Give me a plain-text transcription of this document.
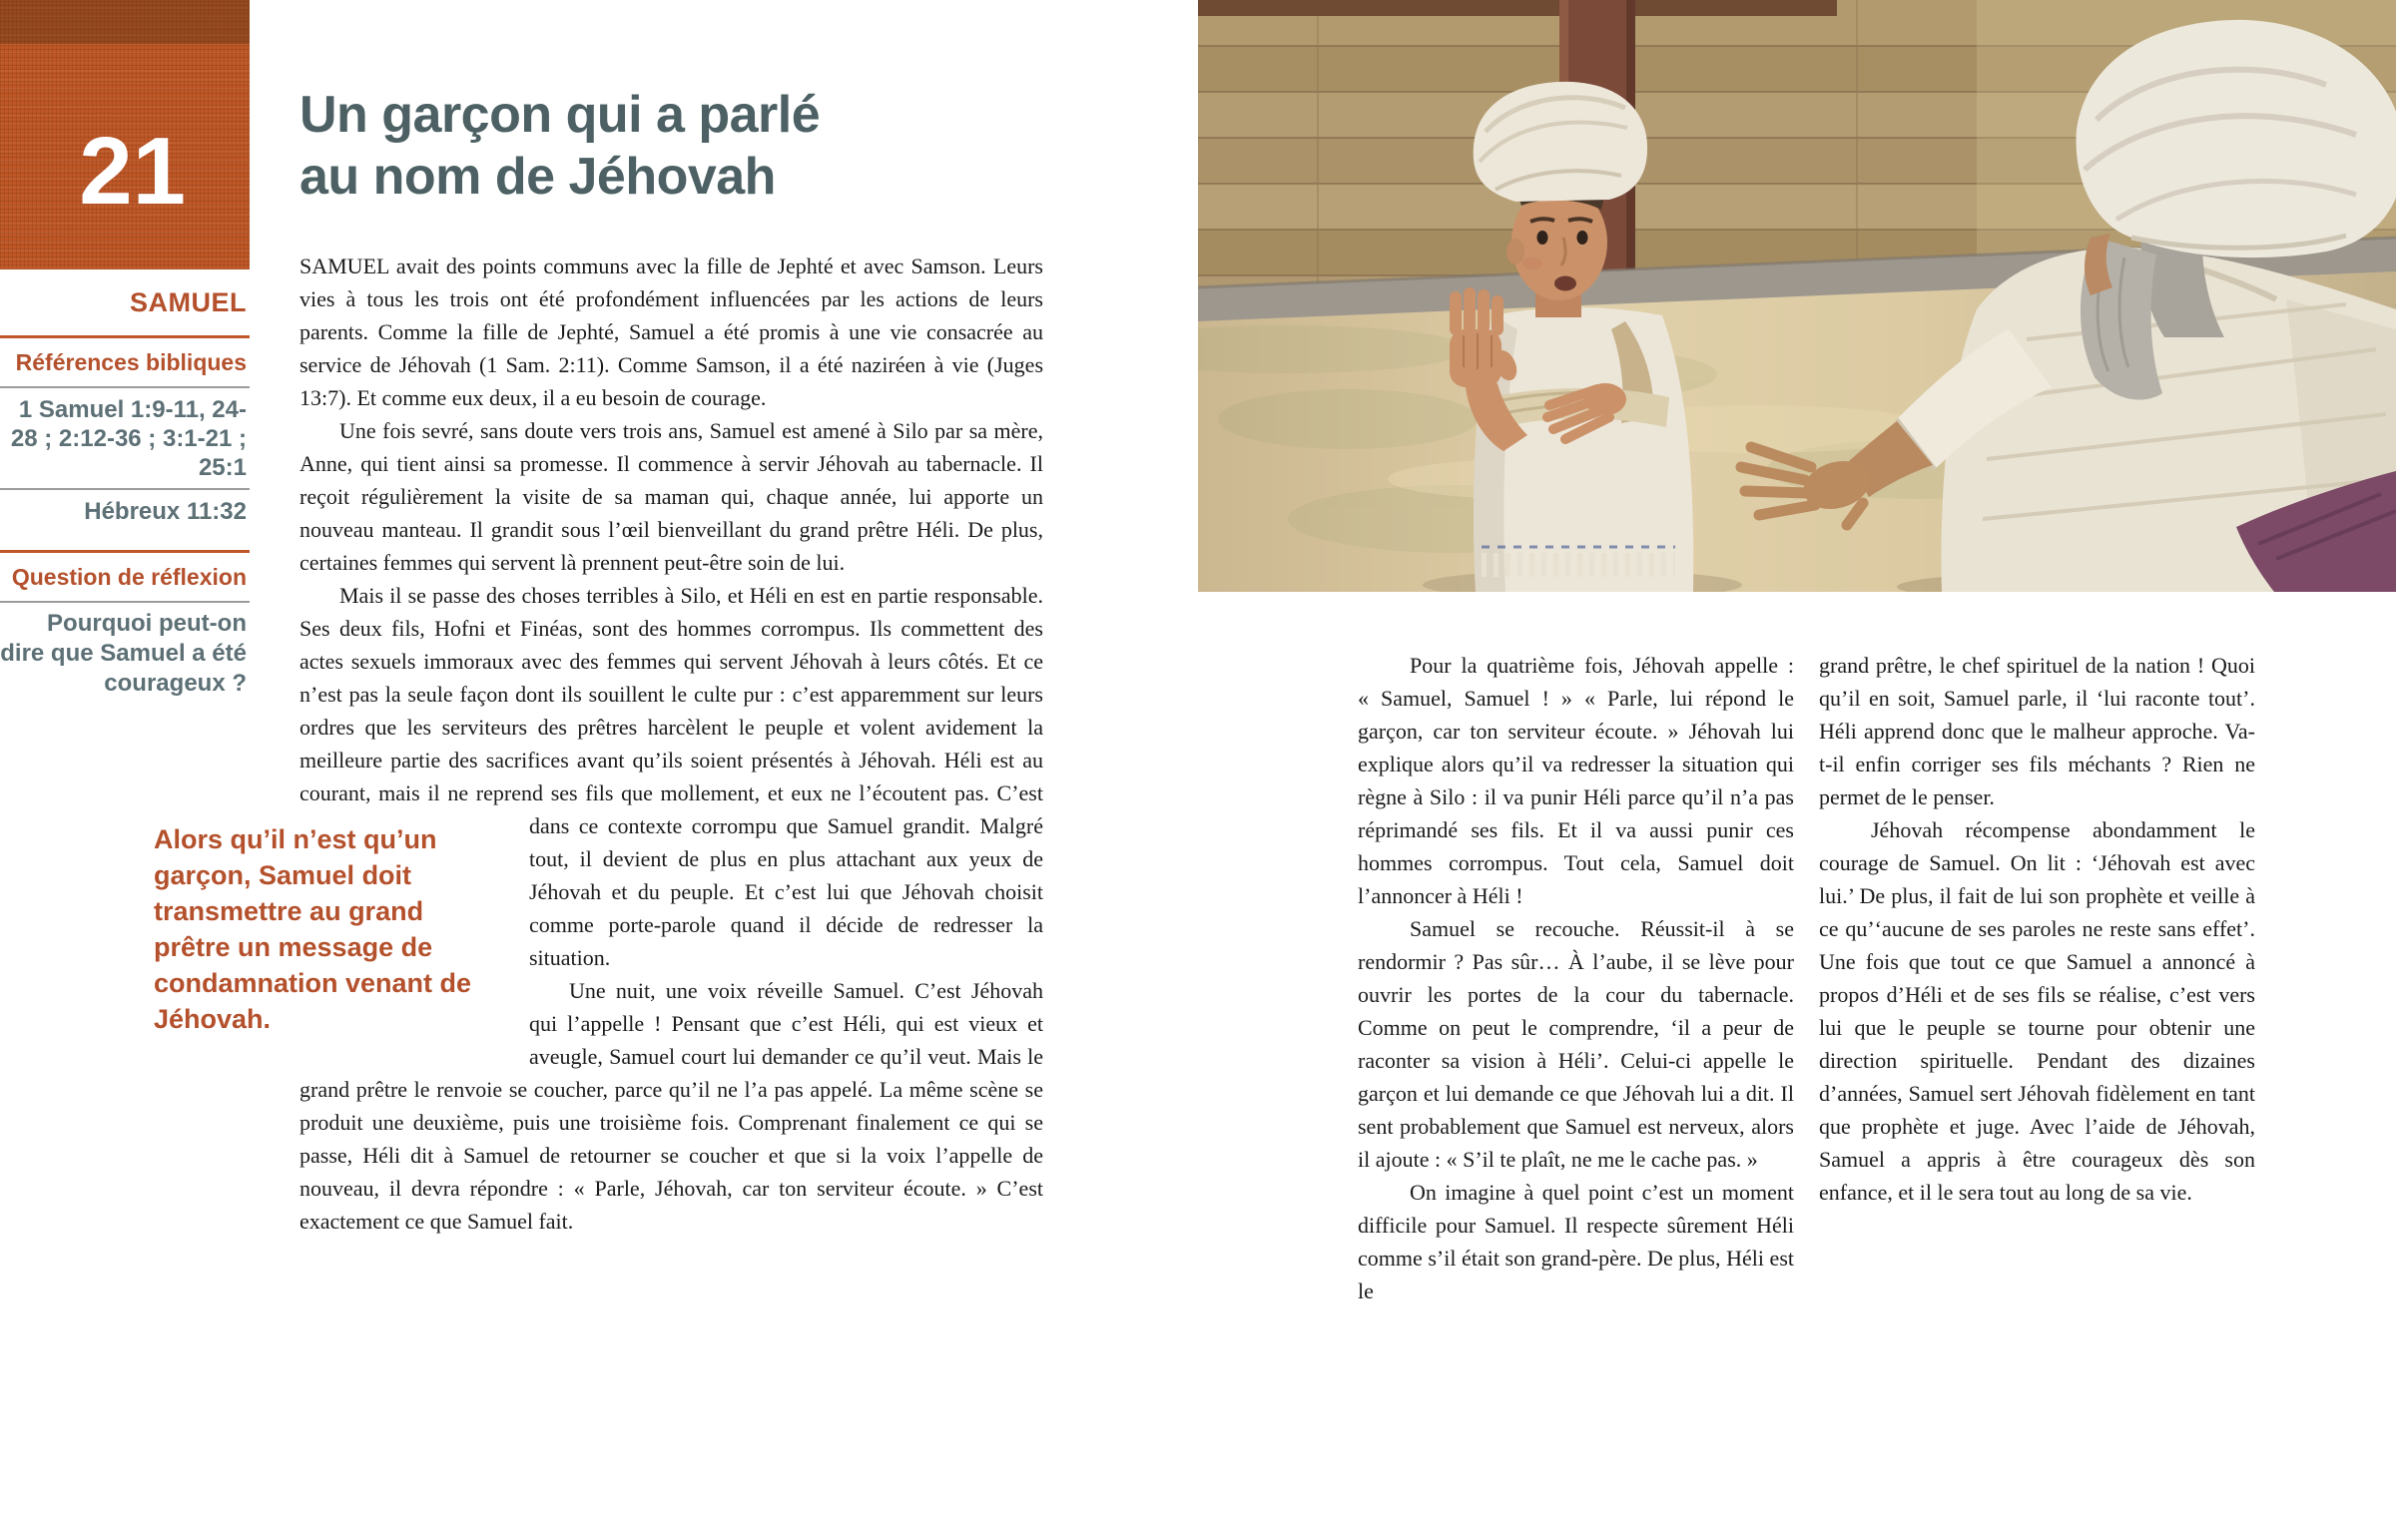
21
SAMUEL
Références bibliques
1 Samuel 1:9-11, 24-28 ; 2:12-36 ; 3:1-21 ; 25:1
Hébreux 11:32
Question de réflexion
Pourquoi peut-on dire que Samuel a été courageux ?
Un garçon qui a parlé
au nom de Jéhovah

SAMUEL avait des points communs avec la fille de Jephté et avec Samson. Leurs vies à tous les trois ont été profondément influencées par les actions de leurs parents. Comme la fille de Jephté, Samuel a été promis à une vie consacrée au service de Jéhovah (1 Sam. 2:11). Comme Samson, il a été naziréen à vie (Juges 13:7). Et comme eux deux, il a eu besoin de courage.

Une fois sevré, sans doute vers trois ans, Samuel est amené à Silo par sa mère, Anne, qui tient ainsi sa promesse. Il commence à servir Jéhovah au tabernacle. Il reçoit régulièrement la visite de sa maman qui, chaque année, lui apporte un nouveau manteau. Il grandit sous l’œil bienveillant du grand prêtre Héli. De plus, certaines femmes qui servent là prennent peut-être soin de lui.

Mais il se passe des choses terribles à Silo, et Héli en est en partie responsable. Ses deux fils, Hofni et Finéas, sont des hommes corrompus. Ils commettent des actes sexuels immoraux avec des femmes qui servent Jéhovah à leurs côtés. Et ce n’est pas la seule façon dont ils souillent le culte pur : c’est apparemment sur leurs ordres que les serviteurs des prêtres harcèlent le peuple et volent avidement la meilleure partie des sacrifices avant qu’ils soient présentés à Jéhovah. Héli est au courant, mais il ne reprend ses fils que mollement, et eux ne l’écoutent pas. C’est dans ce
Alors qu’il n’est qu’un garçon, Samuel doit transmettre au grand prêtre un message de condamnation venant de Jéhovah.
contexte corrompu que Samuel grandit. Malgré tout, il devient de plus en plus attachant aux yeux de Jéhovah et du peuple. Et c’est lui que Jéhovah choisit comme porte-parole quand il décide de redresser la situation.

Une nuit, une voix réveille Samuel. C’est Jéhovah qui l’appelle ! Pensant que c’est Héli, qui est vieux et aveugle, Samuel court lui demander ce qu’il veut. Mais le grand prêtre le renvoie se coucher, parce qu’il ne l’a pas appelé. La même scène se produit une deuxième, puis une troisième fois. Comprenant finalement ce qui se passe, Héli dit à Samuel de retourner se coucher et que si la voix l’appelle de nouveau, il devra répondre : « Parle, Jéhovah, car ton serviteur écoute. » C’est exactement ce que Samuel fait.

Pour la quatrième fois, Jéhovah appelle : « Samuel, Samuel ! » « Parle, lui répond le garçon, car ton serviteur écoute. » Jéhovah lui explique alors qu’il va redresser la situation qui règne à Silo : il va punir Héli parce qu’il n’a pas réprimandé ses fils. Et il va aussi punir ces hommes corrompus. Tout cela, Samuel doit l’annoncer à Héli !

Samuel se recouche. Réussit-il à se rendormir ? Pas sûr… À l’aube, il se lève pour ouvrir les portes de la cour du tabernacle. Comme on peut le comprendre, ‘il a peur de raconter sa vision à Héli’. Celui-ci appelle le garçon et lui demande ce que Jéhovah lui a dit. Il sent probablement que Samuel est nerveux, alors il ajoute : « S’il te plaît, ne me le cache pas. »

On imagine à quel point c’est un moment difficile pour Samuel. Il respecte sûrement Héli comme s’il était son grand-père. De plus, Héli est le

grand prêtre, le chef spirituel de la nation ! Quoi qu’il en soit, Samuel parle, il ‘lui raconte tout’. Héli apprend donc que le malheur approche. Va-t-il enfin corriger ses fils méchants ? Rien ne permet de le penser.

Jéhovah récompense abondamment le courage de Samuel. On lit : ‘Jéhovah est avec lui.’ De plus, il fait de lui son prophète et veille à ce qu’‘aucune de ses paroles ne reste sans effet’. Une fois que tout ce que Samuel a annoncé à propos d’Héli et de ses fils se réalise, c’est vers lui que le peuple se tourne pour obtenir une direction spirituelle. Pendant des dizaines d’années, Samuel sert Jéhovah fidèlement en tant que prophète et juge. Avec l’aide de Jéhovah, Samuel a appris à être courageux dès son enfance, et il le sera tout au long de sa vie.
